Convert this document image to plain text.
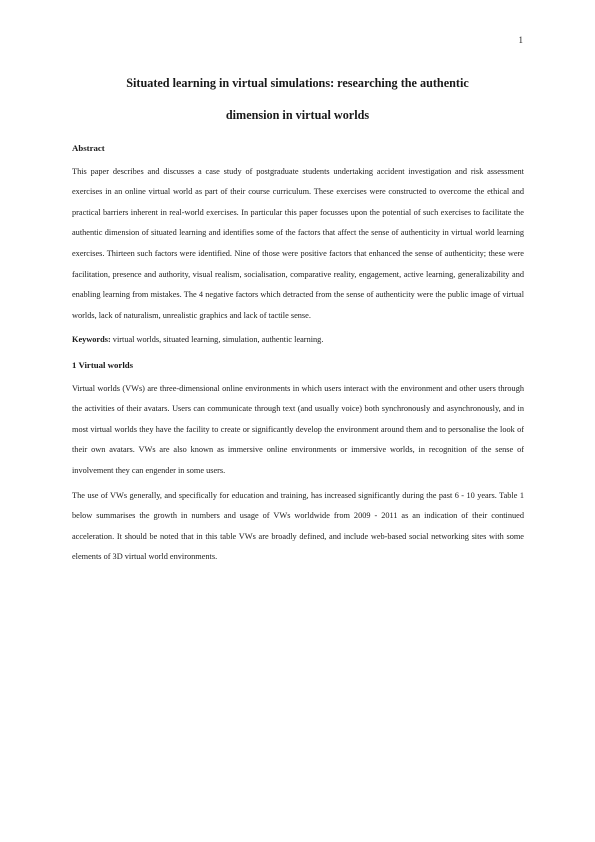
1
Situated learning in virtual simulations: researching the authentic
dimension in virtual worlds
Abstract

This paper describes and discusses a case study of postgraduate students undertaking accident investigation and risk assessment exercises in an online virtual world as part of their course curriculum. These exercises were constructed to overcome the ethical and practical barriers inherent in real-world exercises. In particular this paper focusses upon the potential of such exercises to facilitate the authentic dimension of situated learning and identifies some of the factors that affect the sense of authenticity in virtual world learning exercises. Thirteen such factors were identified. Nine of those were positive factors that enhanced the sense of authenticity; these were facilitation, presence and authority, visual realism, socialisation, comparative reality, engagement, active learning, generalizability and enabling learning from mistakes. The 4 negative factors which detracted from the sense of authenticity were the public image of virtual worlds, lack of naturalism, unrealistic graphics and lack of tactile sense.

Keywords: virtual worlds, situated learning, simulation, authentic learning.

1 Virtual worlds

Virtual worlds (VWs) are three-dimensional online environments in which users interact with the environment and other users through the activities of their avatars. Users can communicate through text (and usually voice) both synchronously and asynchronously, and in most virtual worlds they have the facility to create or significantly develop the environment around them and to personalise the look of their own avatars. VWs are also known as immersive online environments or immersive worlds, in recognition of the sense of involvement they can engender in some users.

The use of VWs generally, and specifically for education and training, has increased significantly during the past 6 - 10 years. Table 1 below summarises the growth in numbers and usage of VWs worldwide from 2009 - 2011 as an indication of their continued acceleration. It should be noted that in this table VWs are broadly defined, and include web-based social networking sites with some elements of 3D virtual world environments.
